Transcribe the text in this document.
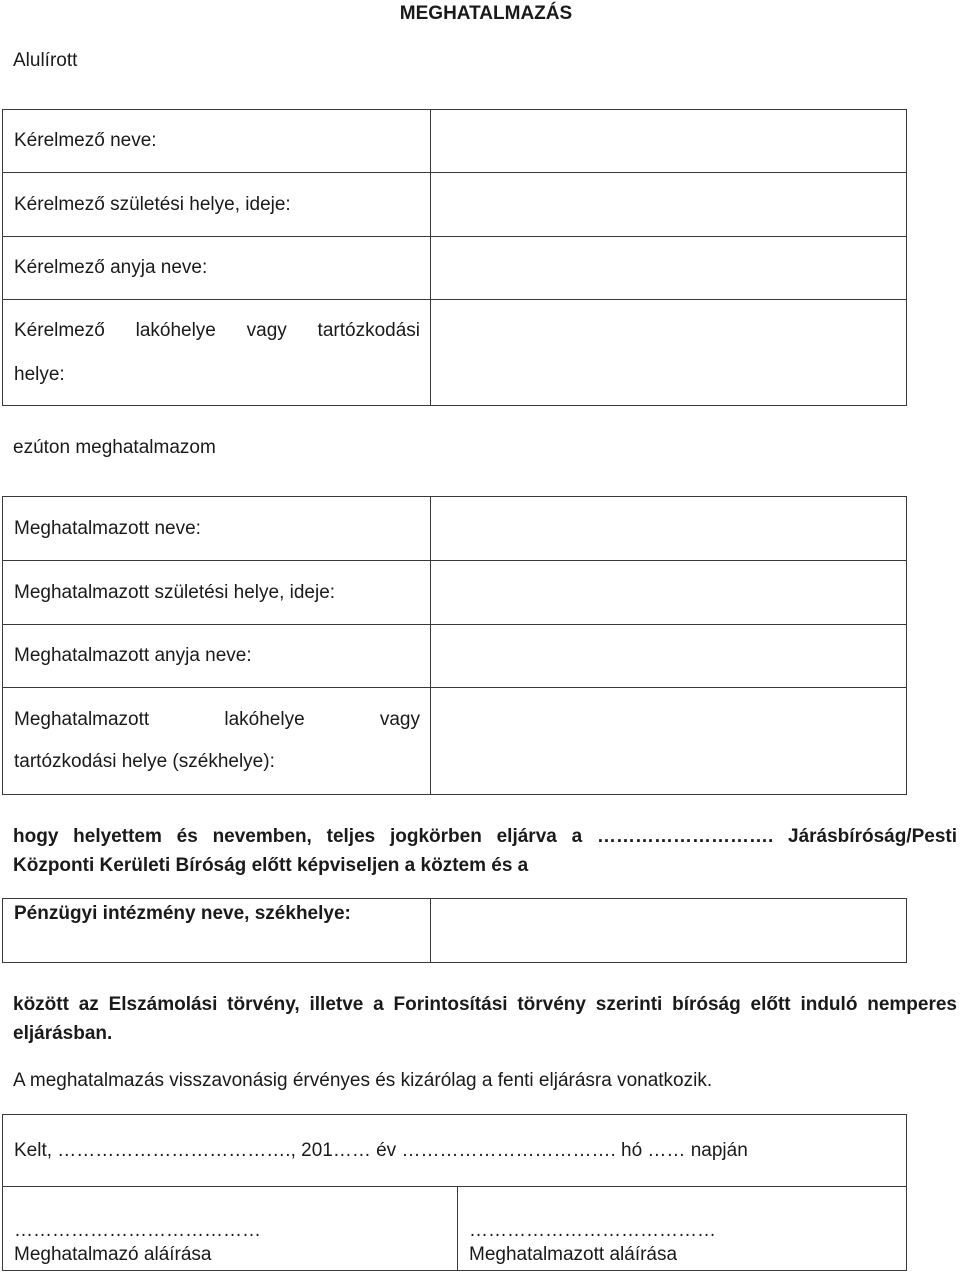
MEGHATALMAZÁS
Alulírott
Kérelmező neve:	
Kérelmező születési helye, ideje:	
Kérelmező anyja neve:	

Kérelmező lakóhelye vagy tartózkodási
helye:	

ezúton meghatalmazom
Meghatalmazott neve:	
Meghatalmazott születési helye, ideje:	
Meghatalmazott anyja neve:	

Meghatalmazott lakóhelye vagy
tartózkodási helye (székhelye):	

hogy helyettem és nevemben, teljes jogkörben eljárva a ………………………. Járásbíróság/Pesti Központi Kerületi Bíróság előtt képviseljen a köztem és a
Pénzügyi intézmény neve, székhelye:	
között az Elszámolási törvény, illetve a Forintosítási törvény szerinti bíróság előtt induló nemperes eljárásban.
A meghatalmazás visszavonásig érvényes és kizárólag a fenti eljárásra vonatkozik.
Kelt, ………………………………., 201…… év ……………………………. hó …… napján

…………………………………
Meghatalmazó aláírása

…………………………………
Meghatalmazott aláírása
